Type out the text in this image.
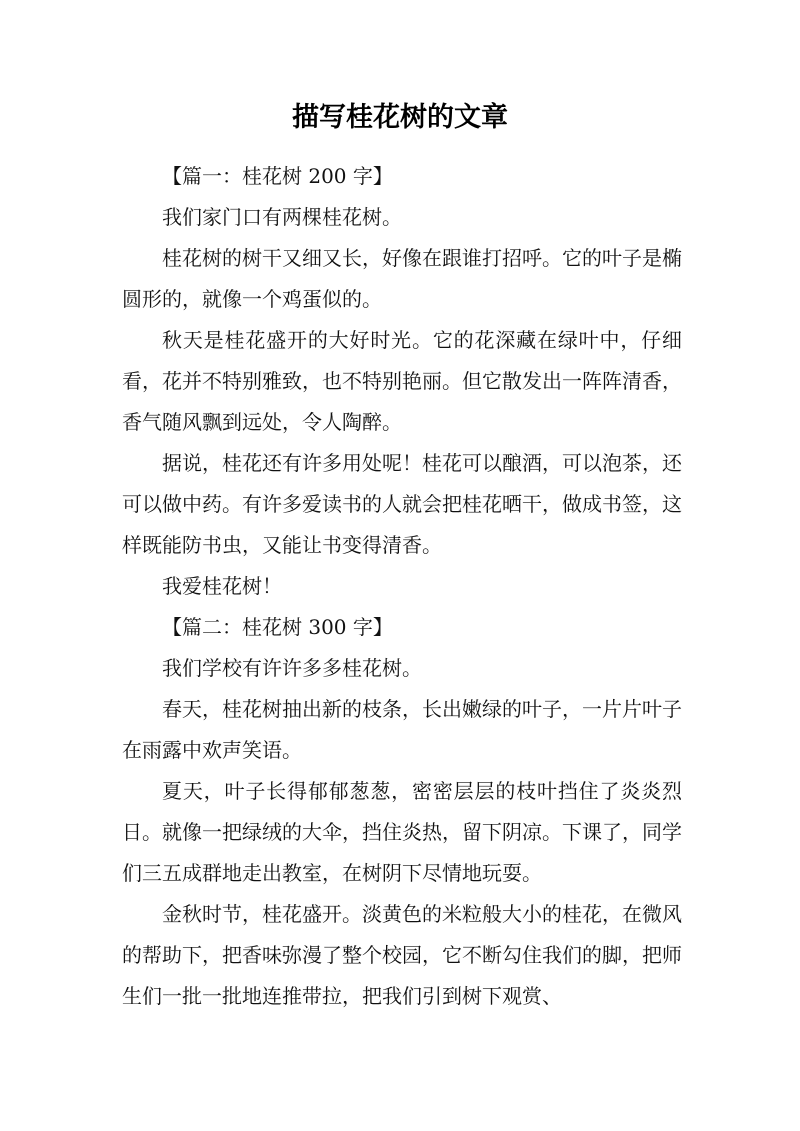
描写桂花树的文章

【篇一：桂花树 200 字】

我们家门口有两棵桂花树。

桂花树的树干又细又长，好像在跟谁打招呼。它的叶子是椭圆形的，就像一个鸡蛋似的。

秋天是桂花盛开的大好时光。它的花深藏在绿叶中，仔细看，花并不特别雅致，也不特别艳丽。但它散发出一阵阵清香，香气随风飘到远处，令人陶醉。

据说，桂花还有许多用处呢！桂花可以酿酒，可以泡茶，还可以做中药。有许多爱读书的人就会把桂花晒干，做成书签，这样既能防书虫，又能让书变得清香。

我爱桂花树！

【篇二：桂花树 300 字】

我们学校有许许多多桂花树。

春天，桂花树抽出新的枝条，长出嫩绿的叶子，一片片叶子在雨露中欢声笑语。

夏天，叶子长得郁郁葱葱，密密层层的枝叶挡住了炎炎烈日。就像一把绿绒的大伞，挡住炎热，留下阴凉。下课了，同学们三五成群地走出教室，在树阴下尽情地玩耍。

金秋时节，桂花盛开。淡黄色的米粒般大小的桂花，在微风的帮助下，把香味弥漫了整个校园，它不断勾住我们的脚，把师生们一批一批地连推带拉，把我们引到树下观赏、
